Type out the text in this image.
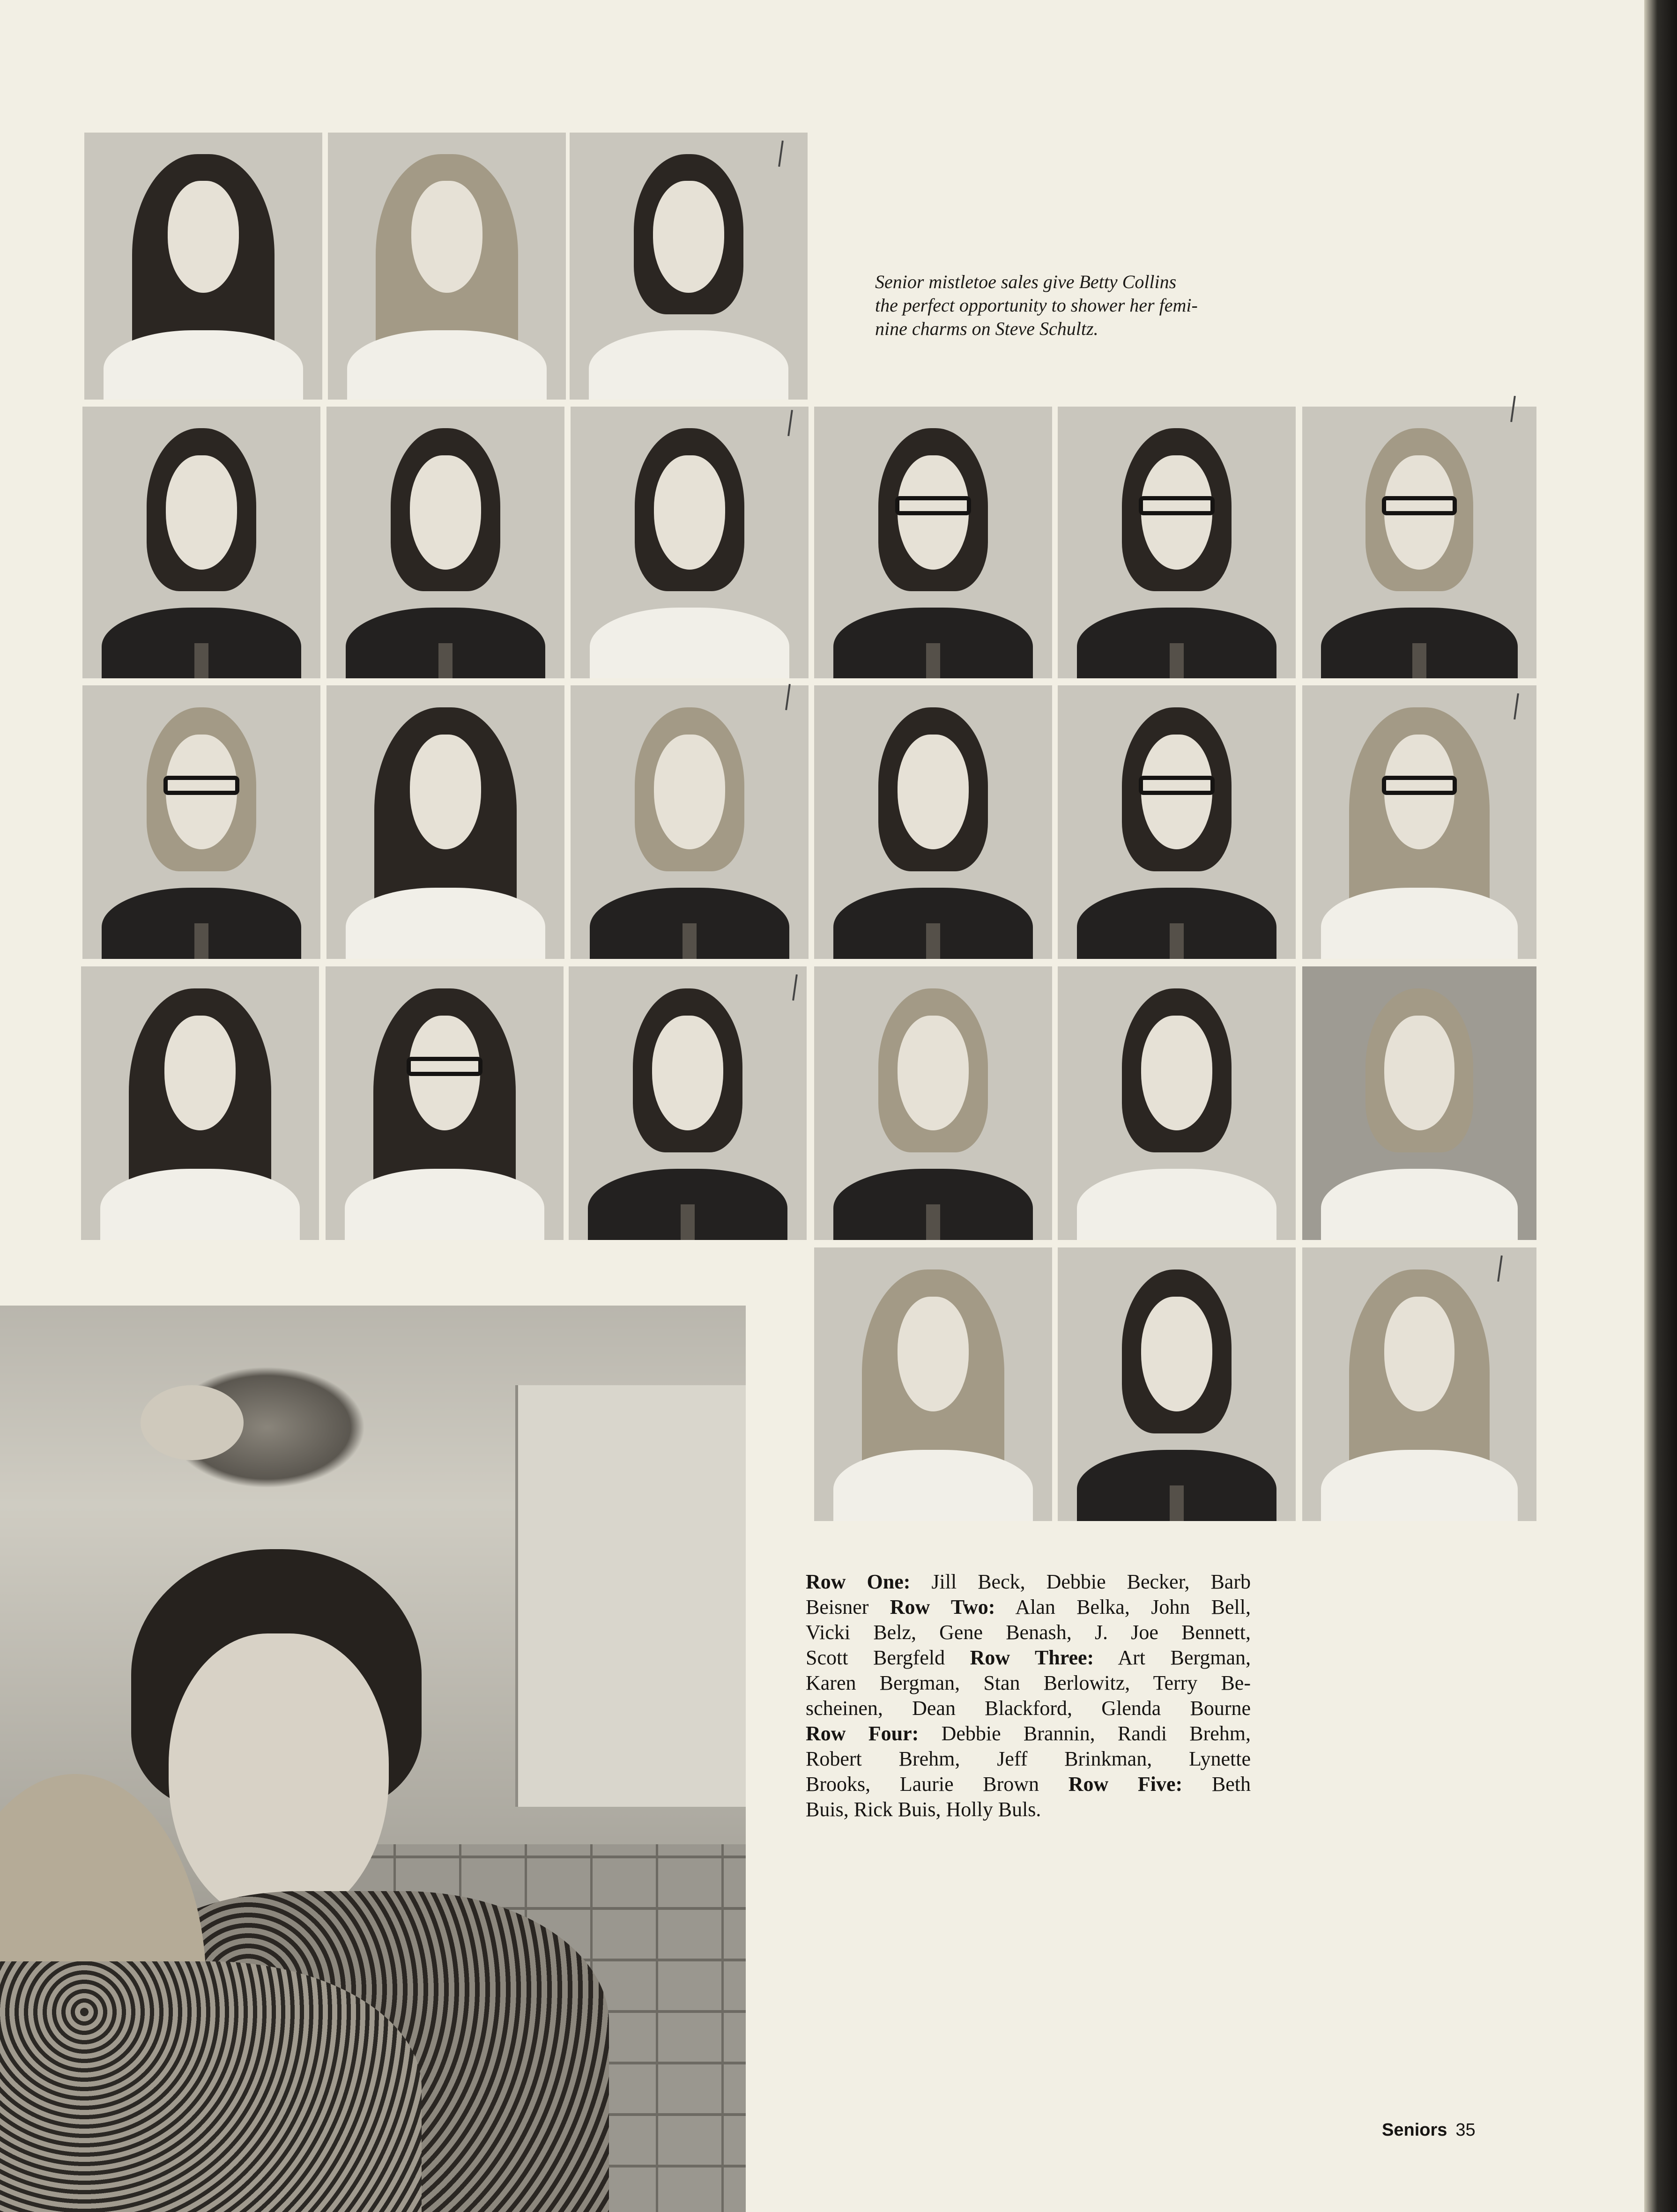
Senior mistletoe sales give Betty Collins
the perfect opportunity to shower her femi-
nine charms on Steve Schultz.
Row One: Jill Beck, Debbie Becker, Barb
Beisner Row Two: Alan Belka, John Bell,
Vicki Belz, Gene Benash, J. Joe Bennett,
Scott Bergfeld Row Three: Art Bergman,
Karen Bergman, Stan Berlowitz, Terry Be-
scheinen, Dean Blackford, Glenda Bourne
Row Four: Debbie Brannin, Randi Brehm,
Robert Brehm, Jeff Brinkman, Lynette
Brooks, Laurie Brown Row Five: Beth
Buis, Rick Buis, Holly Buls.
Seniors 35
